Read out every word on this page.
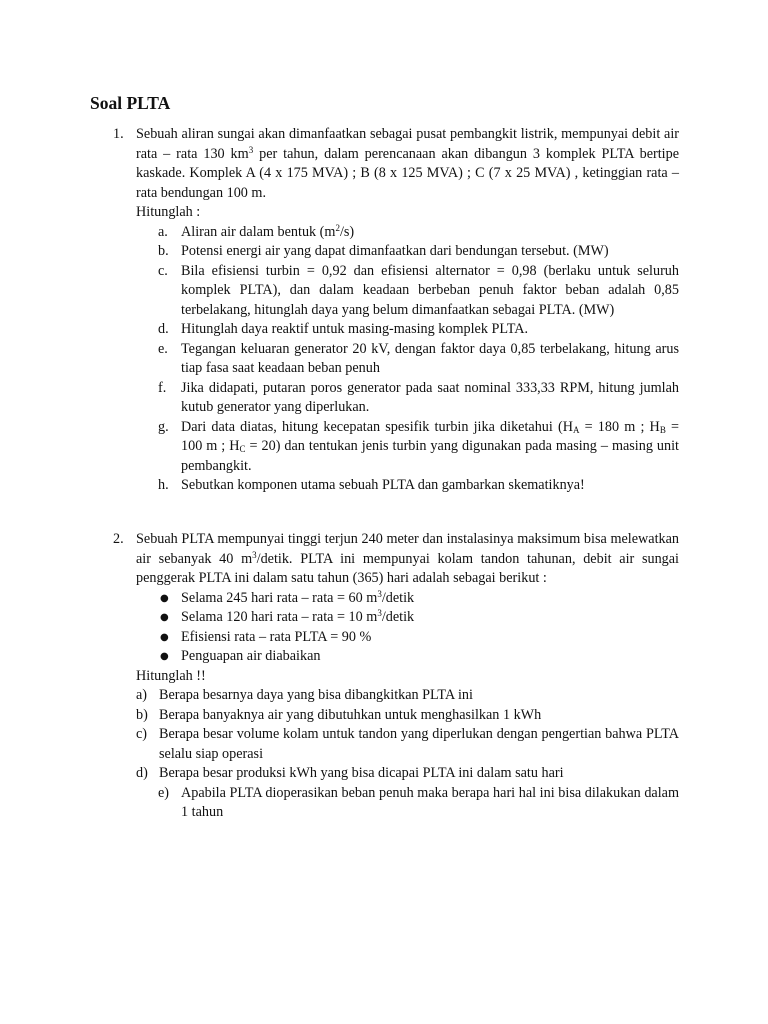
Soal PLTA
1. Sebuah aliran sungai akan dimanfaatkan sebagai pusat pembangkit listrik, mempunyai debit air rata – rata 130 $km^3$ per tahun, dalam perencanaan akan dibangun 3 komplek PLTA bertipe kaskade. Komplek A (4 x 175 MVA) ; B (8 x 125 MVA) ; C (7 x 25 MVA) , ketinggian rata – rata bendungan 100 m.

Hitunglah :

a. Aliran air dalam bentuk $(m^2/s)$
b. Potensi energi air yang dapat dimanfaatkan dari bendungan tersebut. (MW)
c. Bila efisiensi turbin = 0,92 dan efisiensi alternator = 0,98 (berlaku untuk seluruh komplek PLTA), dan dalam keadaan berbeban penuh faktor beban adalah 0,85 terbelakang, hitunglah daya yang belum dimanfaatkan sebagai PLTA. (MW)
d. Hitunglah daya reaktif untuk masing-masing komplek PLTA.
e. Tegangan keluaran generator 20 kV, dengan faktor daya 0,85 terbelakang, hitung arus tiap fasa saat keadaan beban penuh
f.	Jika didapati, putaran poros generator pada saat nominal 333,33 RPM, hitung jumlah kutub generator yang diperlukan.
g. Dari data diatas, hitung kecepatan spesifik turbin jika diketahui ($H_A = 180$ m ; $H_B = 100$ m ; $H_C = 20$) dan tentukan jenis turbin yang digunakan pada masing – masing unit pembangkit.
h. Sebutkan komponen utama sebuah PLTA dan gambarkan skematiknya!
2. Sebuah PLTA mempunyai tinggi terjun 240 meter dan instalasinya maksimum bisa melewatkan air sebanyak 40 $m^3$/detik. PLTA ini mempunyai kolam tandon tahunan, debit air sungai penggerak PLTA ini dalam satu tahun (365) hari adalah sebagai berikut :

● Selama 245 hari rata – rata = 60 $m^3$/detik
● Selama 120 hari rata – rata = 10 $m^3$/detik
● Efisiensi rata – rata PLTA = 90 %
● Penguapan air diabaikan

Hitunglah !!

a) Berapa besarnya daya yang bisa dibangkitkan PLTA ini
b) Berapa banyaknya air yang dibutuhkan untuk menghasilkan 1 kWh
c) Berapa besar volume kolam untuk tandon yang diperlukan dengan pengertian bahwa PLTA selalu siap operasi
d) Berapa besar produksi kWh yang bisa dicapai PLTA ini dalam satu hari
e) Apabila PLTA dioperasikan beban penuh maka berapa hari hal ini bisa dilakukan dalam 1 tahun
